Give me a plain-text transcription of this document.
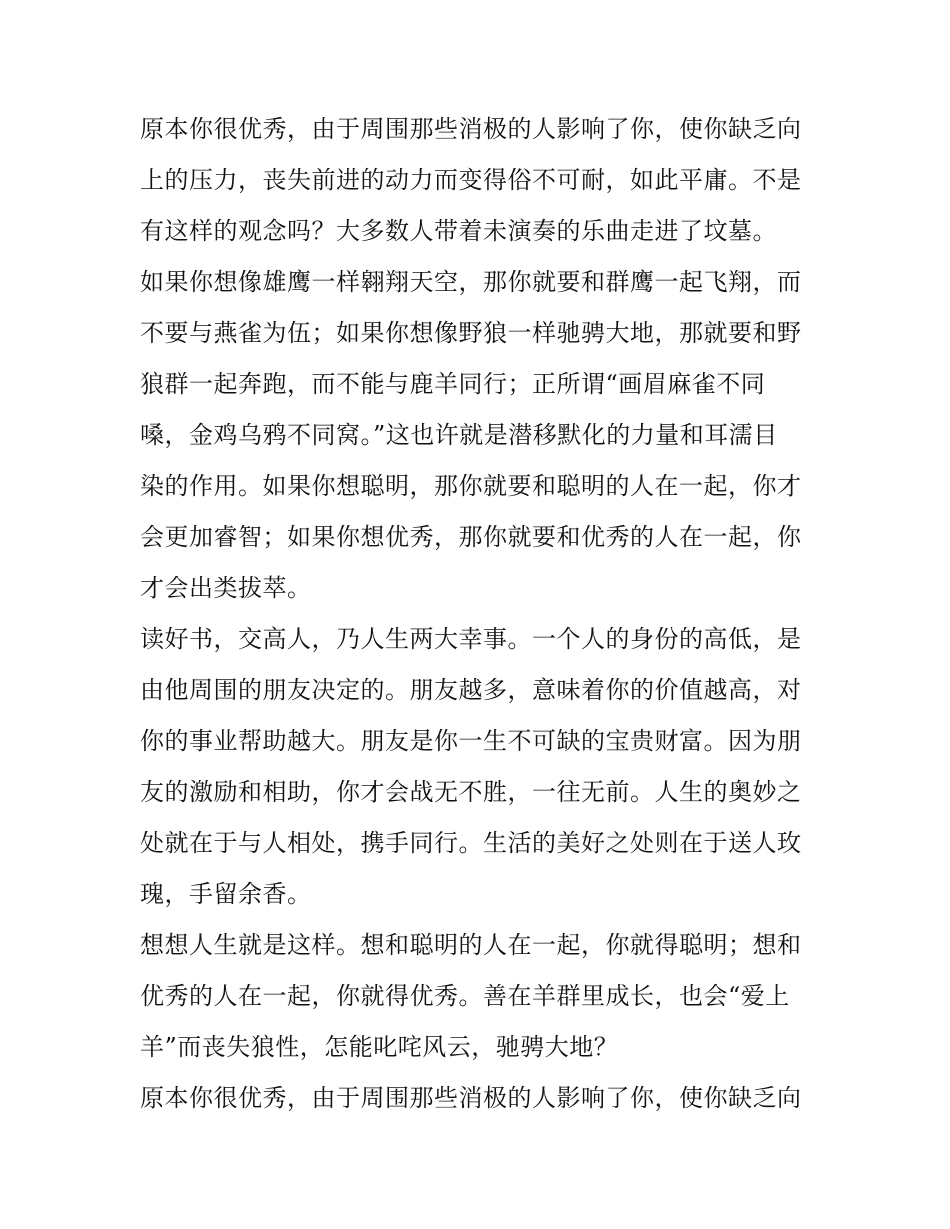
原本你很优秀，由于周围那些消极的人影响了你，使你缺乏向
上的压力，丧失前进的动力而变得俗不可耐，如此平庸。不是
有这样的观念吗？大多数人带着未演奏的乐曲走进了坟墓。
如果你想像雄鹰一样翱翔天空，那你就要和群鹰一起飞翔，而
不要与燕雀为伍；如果你想像野狼一样驰骋大地，那就要和野
狼群一起奔跑，而不能与鹿羊同行；正所谓“画眉麻雀不同
嗓，金鸡乌鸦不同窝。”这也许就是潜移默化的力量和耳濡目
染的作用。如果你想聪明，那你就要和聪明的人在一起，你才
会更加睿智；如果你想优秀，那你就要和优秀的人在一起，你
才会出类拔萃。
读好书，交高人，乃人生两大幸事。一个人的身份的高低，是
由他周围的朋友决定的。朋友越多，意味着你的价值越高，对
你的事业帮助越大。朋友是你一生不可缺的宝贵财富。因为朋
友的激励和相助，你才会战无不胜，一往无前。人生的奥妙之
处就在于与人相处，携手同行。生活的美好之处则在于送人玫
瑰，手留余香。
想想人生就是这样。想和聪明的人在一起，你就得聪明；想和
优秀的人在一起，你就得优秀。善在羊群里成长，也会“爱上
羊”而丧失狼性，怎能叱咤风云，驰骋大地？
原本你很优秀，由于周围那些消极的人影响了你，使你缺乏向
